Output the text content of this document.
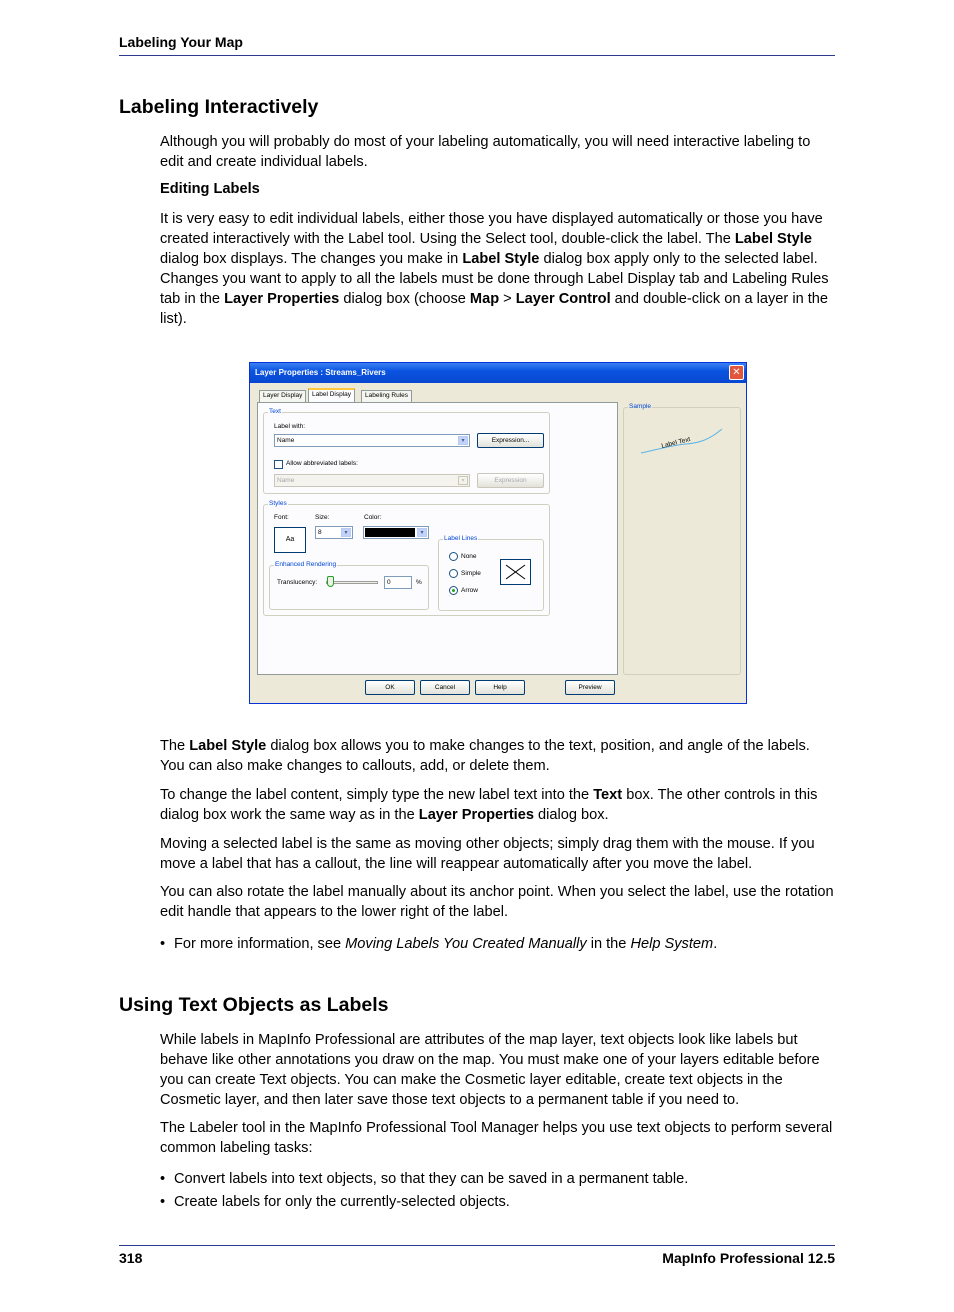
Labeling Your Map
Labeling Interactively

Although you will probably do most of your labeling automatically, you will need interactive labeling to edit and create individual labels.

Editing Labels

It is very easy to edit individual labels, either those you have displayed automatically or those you have created interactively with the Label tool. Using the Select tool, double-click the label. The Label Style dialog box displays. The changes you make in Label Style dialog box apply only to the selected label. Changes you want to apply to all the labels must be done through Label Display tab and Labeling Rules tab in the Layer Properties dialog box (choose Map > Layer Control and double-click on a layer in the list).

Layer Properties : Streams_Rivers	✕
Layer Display	Label Display	Labeling Rules
Text
Label with:
Name	▾	Expression...
Allow abbreviated labels:
Name	▾	Expression
Styles
Font:
Aa
Size:
8	▾
Color:
▾
Enhanced Rendering
Translucency:	0	%
Label Lines
None
Simple
Arrow
Sample
Label Text
OK	Cancel	Help	Preview

The Label Style dialog box allows you to make changes to the text, position, and angle of the labels. You can also make changes to callouts, add, or delete them.

To change the label content, simply type the new label text into the Text box. The other controls in this dialog box work the same way as in the Layer Properties dialog box.

Moving a selected label is the same as moving other objects; simply drag them with the mouse. If you move a label that has a callout, the line will reappear automatically after you move the label.

You can also rotate the label manually about its anchor point. When you select the label, use the rotation edit handle that appears to the lower right of the label.

• For more information, see Moving Labels You Created Manually in the Help System.
Using Text Objects as Labels

While labels in MapInfo Professional are attributes of the map layer, text objects look like labels but behave like other annotations you draw on the map. You must make one of your layers editable before you can create Text objects. You can make the Cosmetic layer editable, create text objects in the Cosmetic layer, and then later save those text objects to a permanent table if you need to.

The Labeler tool in the MapInfo Professional Tool Manager helps you use text objects to perform several common labeling tasks:

• Convert labels into text objects, so that they can be saved in a permanent table.
• Create labels for only the currently-selected objects.
318	MapInfo Professional 12.5
